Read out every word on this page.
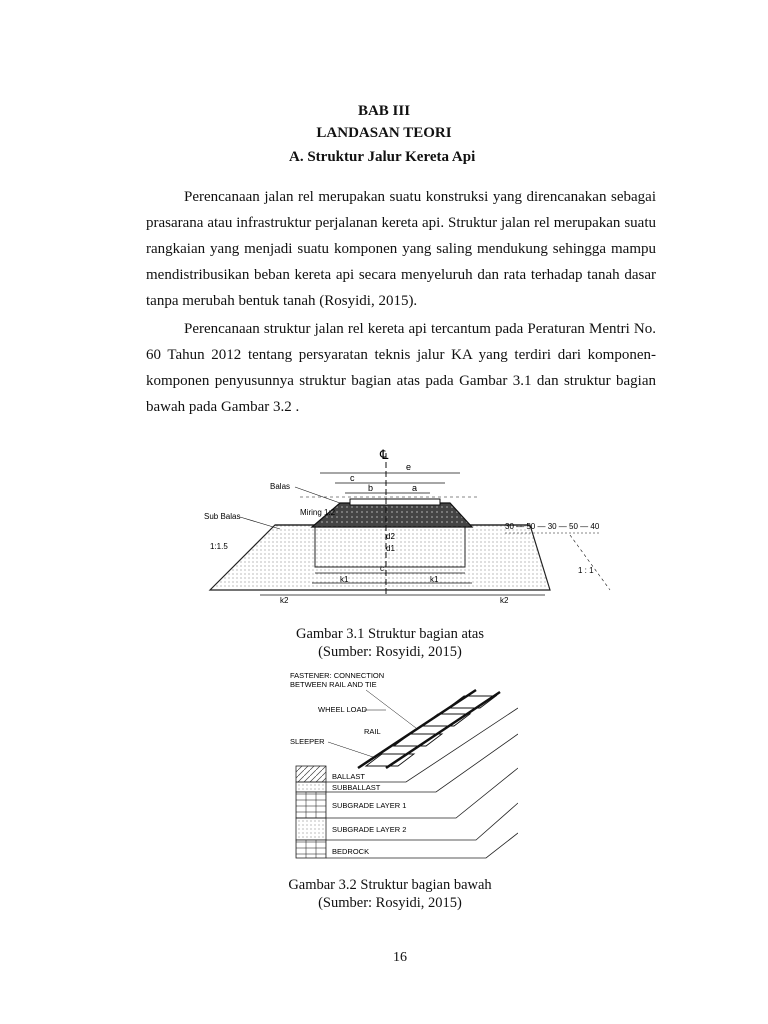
BAB III
LANDASAN TEORI
A. Struktur Jalur Kereta Api

Perencanaan jalan rel merupakan suatu konstruksi yang direncanakan sebagai prasarana atau infrastruktur perjalanan kereta api. Struktur jalan rel merupakan suatu rangkaian yang menjadi suatu komponen yang saling mendukung sehingga mampu mendistribusikan beban kereta api secara menyeluruh dan rata terhadap tanah dasar tanpa merubah bentuk tanah (Rosyidi, 2015).

Perencanaan struktur jalan rel kereta api tercantum pada Peraturan Mentri No. 60 Tahun 2012 tentang persyaratan teknis jalur KA yang terdiri dari komponen-komponen penyusunnya struktur bagian atas pada Gambar 3.1 dan struktur bagian bawah pada Gambar 3.2 .

℄
e
c
b	a
Balas
Miring 1:2
Sub Balas
1:1.5
d2
d1
c
k1	k1
k2	k2
30 — 50 — 30 — 50 — 40
1 : 1
Gambar 3.1 Struktur bagian atas
(Sumber: Rosyidi, 2015)
FASTENER: CONNECTION
BETWEEN RAIL AND TIE
WHEEL LOAD
RAIL
SLEEPER
BALLAST
SUBBALLAST
SUBGRADE LAYER 1
SUBGRADE LAYER 2
BEDROCK
Gambar 3.2 Struktur bagian bawah
(Sumber: Rosyidi, 2015)
16
